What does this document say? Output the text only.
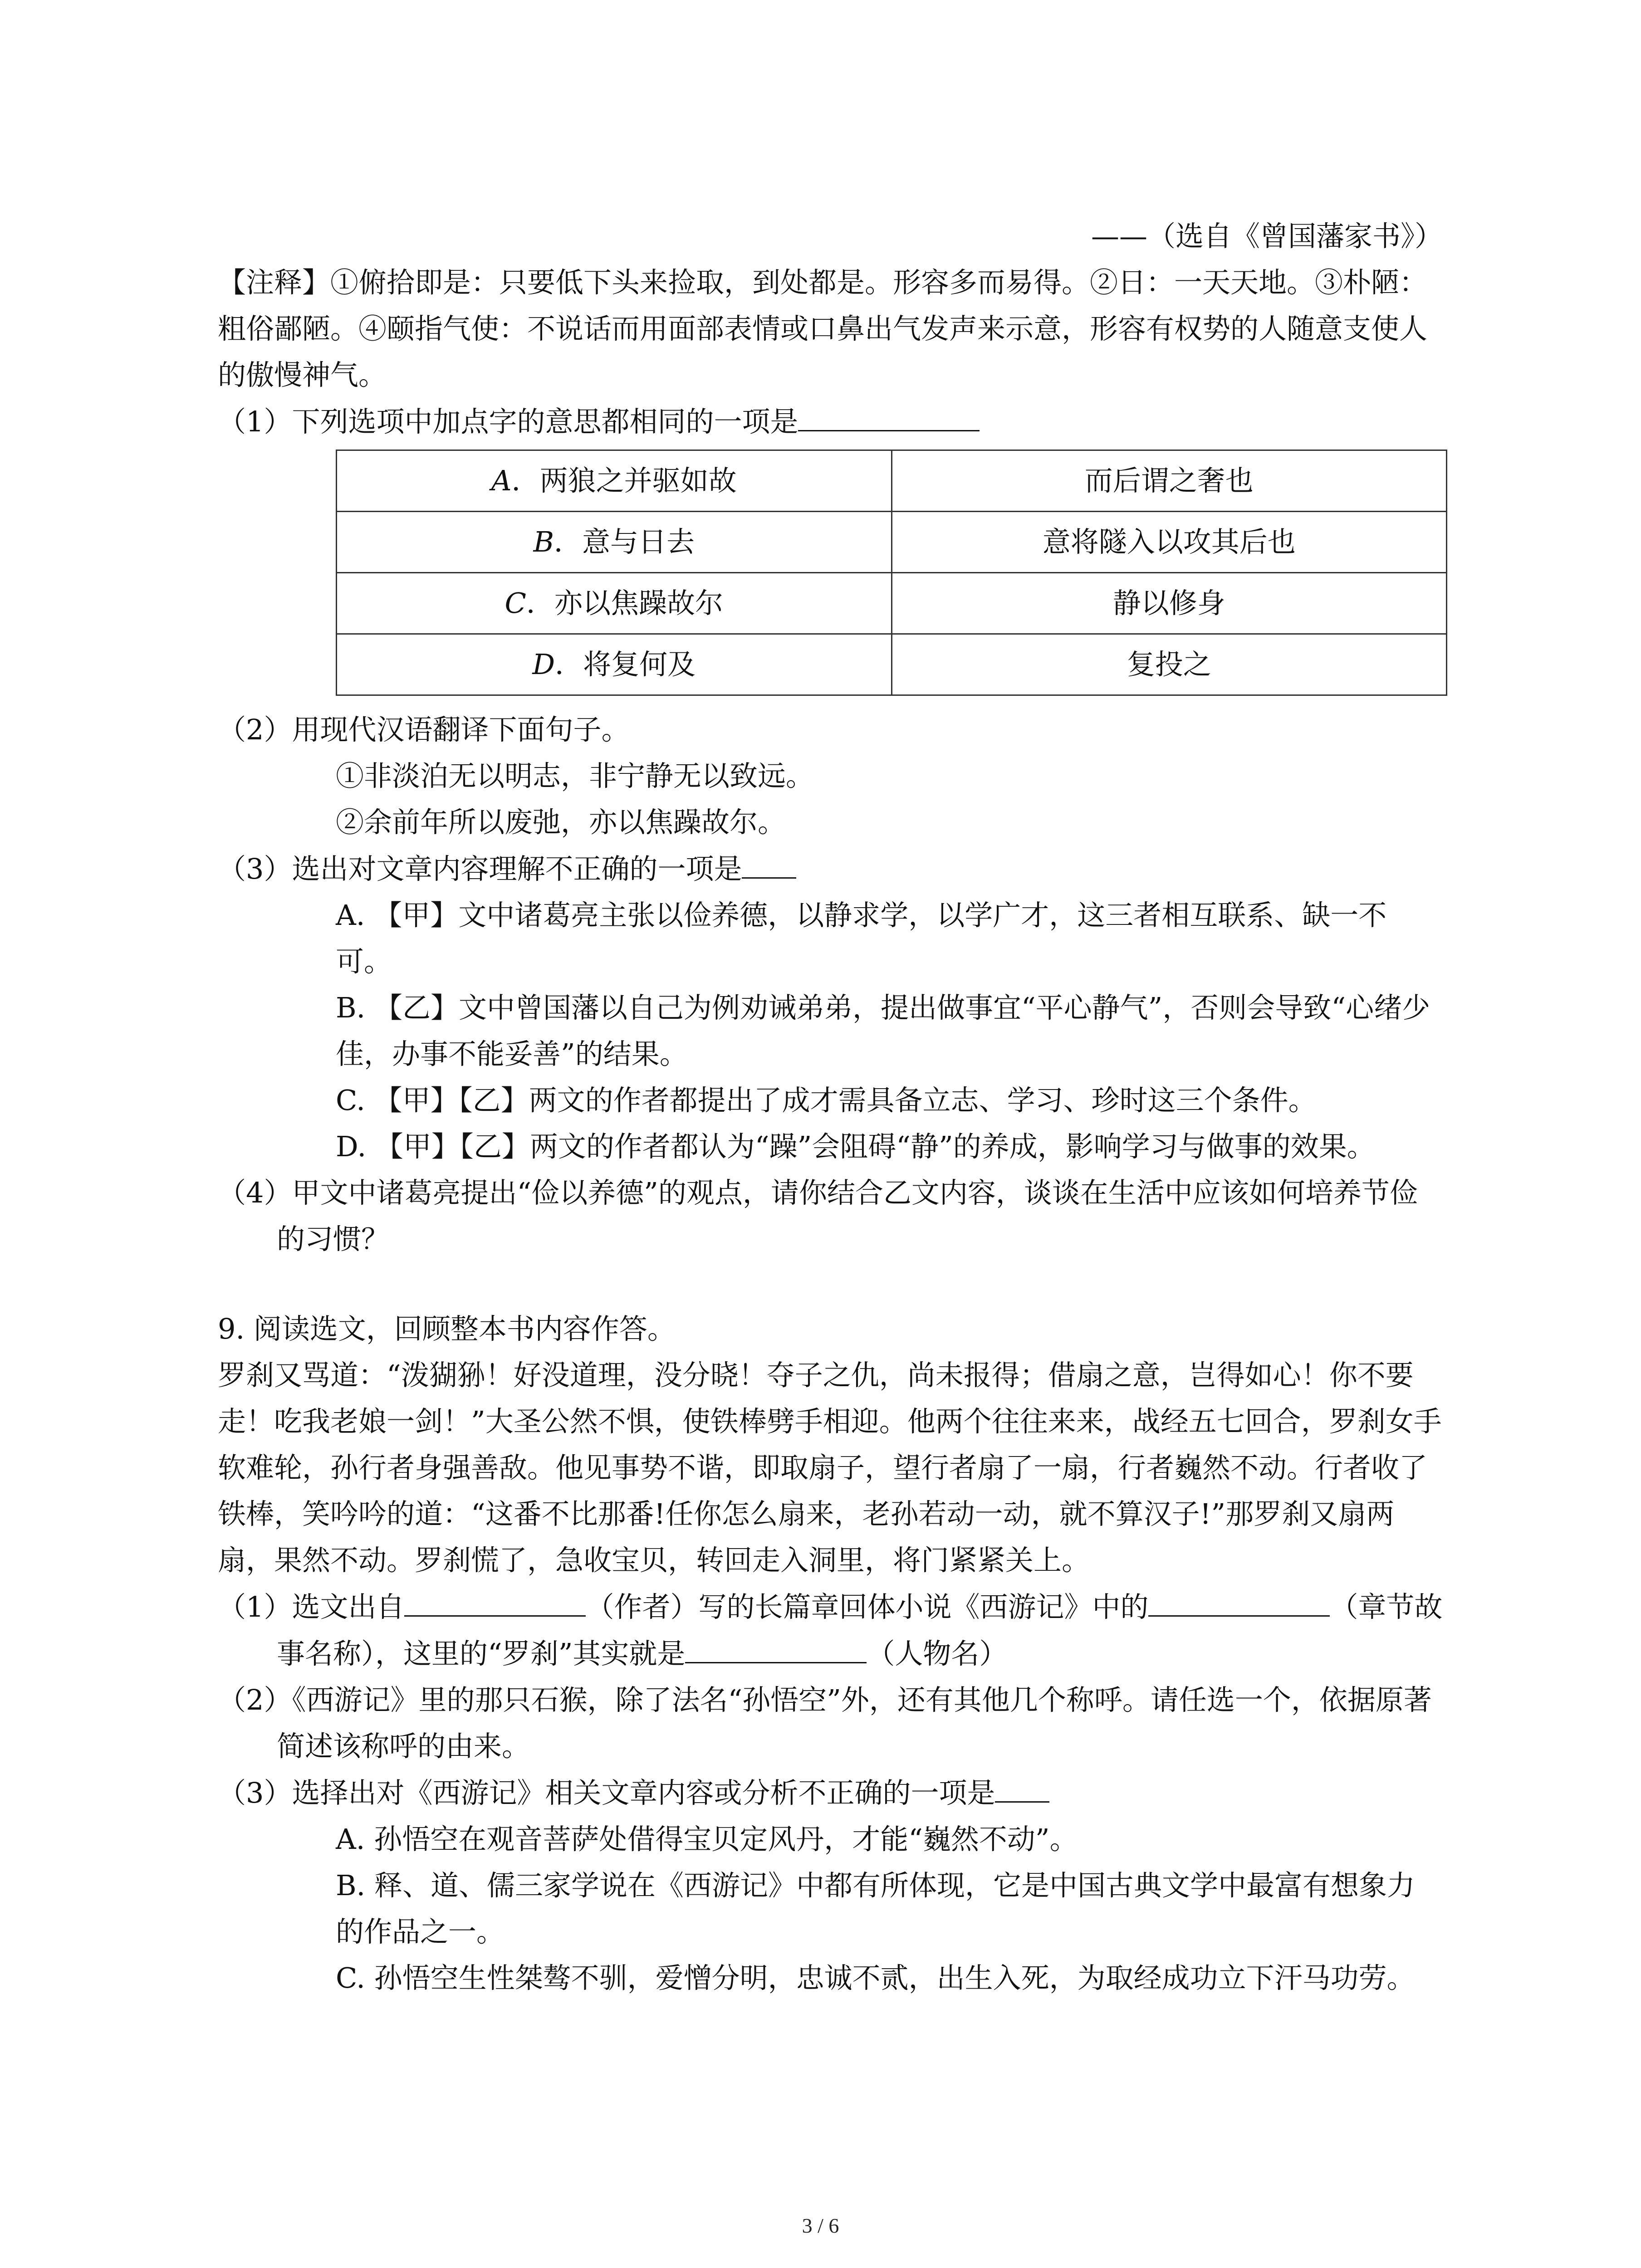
——（选自《曾国藩家书》）

【注释】①俯拾即是：只要低下头来捡取，到处都是。形容多而易得。②日：一天天地。③朴陋：粗俗鄙陋。④颐指气使：不说话而用面部表情或口鼻出气发声来示意，形容有权势的人随意支使人的傲慢神气。

（1）下列选项中加点字的意思都相同的一项是

A．两狼之并驱如故	而后谓之奢也
B．意与日去	意将隧入以攻其后也
C．亦以焦躁故尔	静以修身
D．将复何及	复投之

（2）用现代汉语翻译下面句子。

①非淡泊无以明志，非宁静无以致远。

②余前年所以废弛，亦以焦躁故尔。

（3）选出对文章内容理解不正确的一项是

A. 【甲】文中诸葛亮主张以俭养德，以静求学，以学广才，这三者相互联系、缺一不可。

B. 【乙】文中曾国藩以自己为例劝诫弟弟，提出做事宜“平心静气”，否则会导致“心绪少佳，办事不能妥善”的结果。

C. 【甲】【乙】两文的作者都提出了成才需具备立志、学习、珍时这三个条件。

D. 【甲】【乙】两文的作者都认为“躁”会阻碍“静”的养成，影响学习与做事的效果。

（4）甲文中诸葛亮提出“俭以养德”的观点，请你结合乙文内容，谈谈在生活中应该如何培养节俭的习惯？

9. 阅读选文，回顾整本书内容作答。

罗刹又骂道：“泼猢狲！好没道理，没分晓！夺子之仇，尚未报得；借扇之意，岂得如心！你不要走！吃我老娘一剑！”大圣公然不惧，使铁棒劈手相迎。他两个往往来来，战经五七回合，罗刹女手软难轮，孙行者身强善敌。他见事势不谐，即取扇子，望行者扇了一扇，行者巍然不动。行者收了铁棒，笑吟吟的道：“这番不比那番!任你怎么扇来，老孙若动一动，就不算汉子!”那罗刹又扇两扇，果然不动。罗刹慌了，急收宝贝，转回走入洞里，将门紧紧关上。

（1）选文出自	（作者）写的长篇章回体小说《西游记》中的	（章节故事名称），这里的“罗刹”其实就是	（人物名）

（2）《西游记》里的那只石猴，除了法名“孙悟空”外，还有其他几个称呼。请任选一个，依据原著简述该称呼的由来。

（3）选择出对《西游记》相关文章内容或分析不正确的一项是

A. 孙悟空在观音菩萨处借得宝贝定风丹，才能“巍然不动”。

B. 释、道、儒三家学说在《西游记》中都有所体现，它是中国古典文学中最富有想象力的作品之一。

C. 孙悟空生性桀骜不驯，爱憎分明，忠诚不贰，出生入死，为取经成功立下汗马功劳。

3 / 6
